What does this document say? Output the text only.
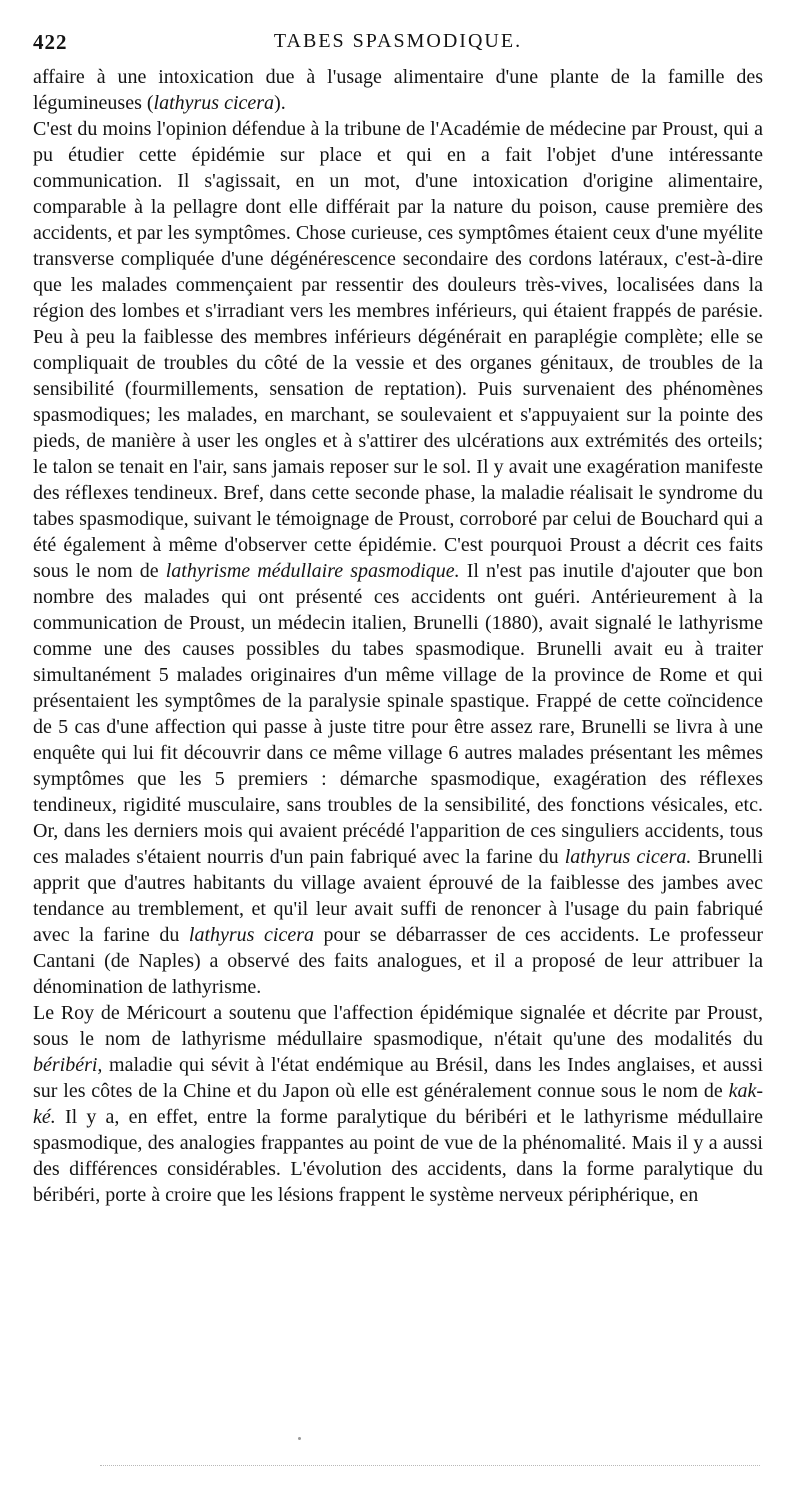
422	TABES SPASMODIQUE.

affaire à une intoxication due à l'usage alimentaire d'une plante de la famille des légumineuses (lathyrus cicera).

C'est du moins l'opinion défendue à la tribune de l'Académie de médecine par Proust, qui a pu étudier cette épidémie sur place et qui en a fait l'objet d'une intéressante communication. Il s'agissait, en un mot, d'une intoxication d'origine alimentaire, comparable à la pellagre dont elle différait par la nature du poison, cause première des accidents, et par les symptômes. Chose curieuse, ces symptômes étaient ceux d'une myélite transverse compliquée d'une dégénérescence secondaire des cordons latéraux, c'est-à-dire que les malades commençaient par ressentir des douleurs très-vives, localisées dans la région des lombes et s'irradiant vers les membres inférieurs, qui étaient frappés de parésie. Peu à peu la faiblesse des membres inférieurs dégénérait en paraplégie complète; elle se compliquait de troubles du côté de la vessie et des organes génitaux, de troubles de la sensibilité (fourmillements, sensation de reptation). Puis survenaient des phénomènes spasmodiques; les malades, en marchant, se soulevaient et s'appuyaient sur la pointe des pieds, de manière à user les ongles et à s'attirer des ulcérations aux extrémités des orteils; le talon se tenait en l'air, sans jamais reposer sur le sol. Il y avait une exagération manifeste des réflexes tendineux. Bref, dans cette seconde phase, la maladie réalisait le syndrome du tabes spasmodique, suivant le témoignage de Proust, corroboré par celui de Bouchard qui a été également à même d'observer cette épidémie. C'est pourquoi Proust a décrit ces faits sous le nom de lathyrisme médullaire spasmodique. Il n'est pas inutile d'ajouter que bon nombre des malades qui ont présenté ces accidents ont guéri. Antérieurement à la communication de Proust, un médecin italien, Brunelli (1880), avait signalé le lathyrisme comme une des causes possibles du tabes spasmodique. Brunelli avait eu à traiter simultanément 5 malades originaires d'un même village de la province de Rome et qui présentaient les symptômes de la paralysie spinale spastique. Frappé de cette coïncidence de 5 cas d'une affection qui passe à juste titre pour être assez rare, Brunelli se livra à une enquête qui lui fit découvrir dans ce même village 6 autres malades présentant les mêmes symptômes que les 5 premiers : démarche spasmodique, exagération des réflexes tendineux, rigidité musculaire, sans troubles de la sensibilité, des fonctions vésicales, etc. Or, dans les derniers mois qui avaient précédé l'apparition de ces singuliers accidents, tous ces malades s'étaient nourris d'un pain fabriqué avec la farine du lathyrus cicera. Brunelli apprit que d'autres habitants du village avaient éprouvé de la faiblesse des jambes avec tendance au tremblement, et qu'il leur avait suffi de renoncer à l'usage du pain fabriqué avec la farine du lathyrus cicera pour se débarrasser de ces accidents. Le professeur Cantani (de Naples) a observé des faits analogues, et il a proposé de leur attribuer la dénomination de lathyrisme.

Le Roy de Méricourt a soutenu que l'affection épidémique signalée et décrite par Proust, sous le nom de lathyrisme médullaire spasmodique, n'était qu'une des modalités du béribéri, maladie qui sévit à l'état endémique au Brésil, dans les Indes anglaises, et aussi sur les côtes de la Chine et du Japon où elle est généralement connue sous le nom de kak-ké. Il y a, en effet, entre la forme paralytique du béribéri et le lathyrisme médullaire spasmodique, des analogies frappantes au point de vue de la phénomalité. Mais il y a aussi des différences considérables. L'évolution des accidents, dans la forme paralytique du béribéri, porte à croire que les lésions frappent le système nerveux périphérique, en
